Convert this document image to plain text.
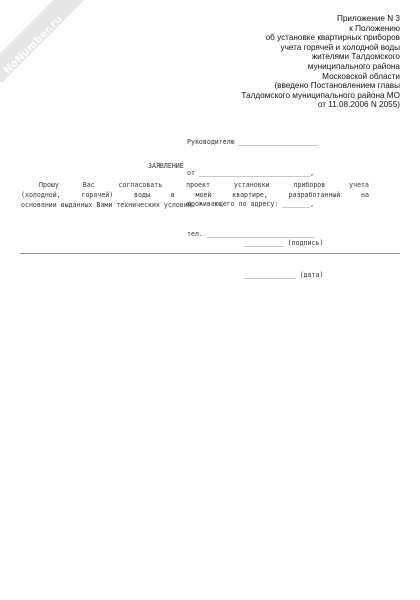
NoNumber.ru	Приложение N 3
к Положению
об установке квартирных приборов
учета горячей и холодной воды
жителями Талдомского
муниципального района
Московской области
(введено Постановлением главы
Талдомского муниципального района МО
от 11.08.2006 N 2055)

Руководителю ____________________

от ____________________________,

проживающего по адресу: _______,

тел. ___________________________

ЗАЯВЛЕНИЕ
Прошу Вас согласовать проект установки приборов учета
(холодной, горячей) воды в моей квартире, разработанный на
основании выданных Вами технических условий.

__________ (подпись)

_____________ (дата)
